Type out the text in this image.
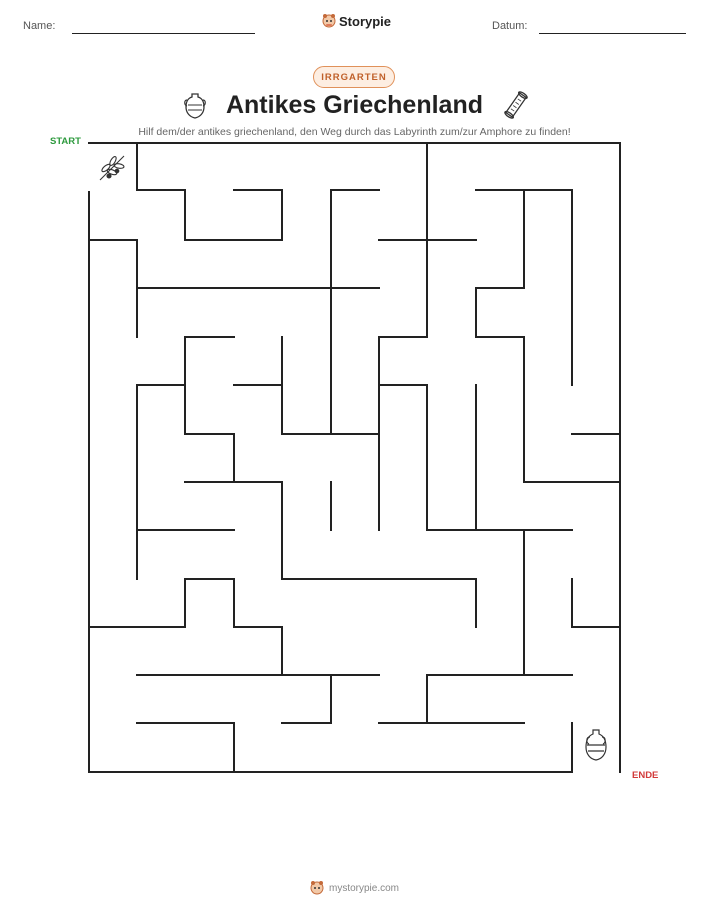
Name:	Storypie	Datum:
IRRGARTEN
Antikes Griechenland
Hilf dem/der antikes griechenland, den Weg durch das Labyrinth zum/zur Amphore zu finden!
START
ENDE
mystorypie.com
